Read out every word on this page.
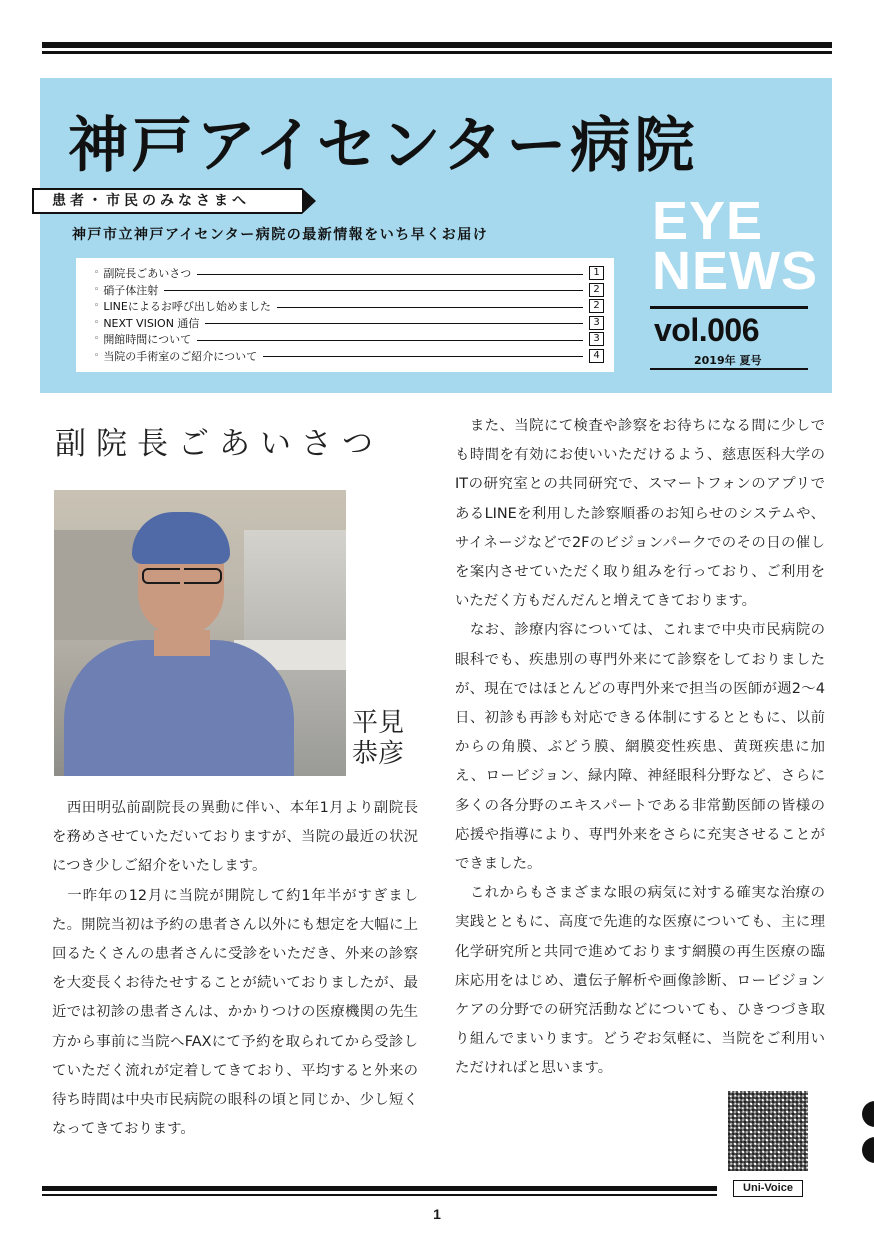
神戸アイセンター病院
患者・市民のみなさまへ
神戸市立神戸アイセンター病院の最新情報をいち早くお届け
◦ 副院長ごあいさつ	1
◦ 硝子体注射	2
◦ LINEによるお呼び出し始めました	2
◦ NEXT VISION 通信	3
◦ 開館時間について	3
◦ 当院の手術室のご紹介について	4
EYE
NEWS
vol.006
2019年 夏号
副院長ごあいさつ
平見
恭彦

　西田明弘前副院長の異動に伴い、本年1月より副院長を務めさせていただいておりますが、当院の最近の状況につき少しご紹介をいたします。

　一昨年の12月に当院が開院して約1年半がすぎました。開院当初は予約の患者さん以外にも想定を大幅に上回るたくさんの患者さんに受診をいただき、外来の診察を大変長くお待たせすることが続いておりましたが、最近では初診の患者さんは、かかりつけの医療機関の先生方から事前に当院へFAXにて予約を取られてから受診していただく流れが定着してきており、平均すると外来の待ち時間は中央市民病院の眼科の頃と同じか、少し短くなってきております。

　また、当院にて検査や診察をお待ちになる間に少しでも時間を有効にお使いいただけるよう、慈恵医科大学のITの研究室との共同研究で、スマートフォンのアプリであるLINEを利用した診察順番のお知らせのシステムや、サイネージなどで2Fのビジョンパークでのその日の催しを案内させていただく取り組みを行っており、ご利用をいただく方もだんだんと増えてきております。

　なお、診療内容については、これまで中央市民病院の眼科でも、疾患別の専門外来にて診察をしておりましたが、現在ではほとんどの専門外来で担当の医師が週2〜4日、初診も再診も対応できる体制にするとともに、以前からの角膜、ぶどう膜、網膜変性疾患、黄斑疾患に加え、ロービジョン、緑内障、神経眼科分野など、さらに多くの各分野のエキスパートである非常勤医師の皆様の応援や指導により、専門外来をさらに充実させることができました。

　これからもさまざまな眼の病気に対する確実な治療の実践とともに、高度で先進的な医療についても、主に理化学研究所と共同で進めております網膜の再生医療の臨床応用をはじめ、遺伝子解析や画像診断、ロービジョンケアの分野での研究活動などについても、ひきつづき取り組んでまいります。どうぞお気軽に、当院をご利用いただければと思います。

Uni-Voice
1
